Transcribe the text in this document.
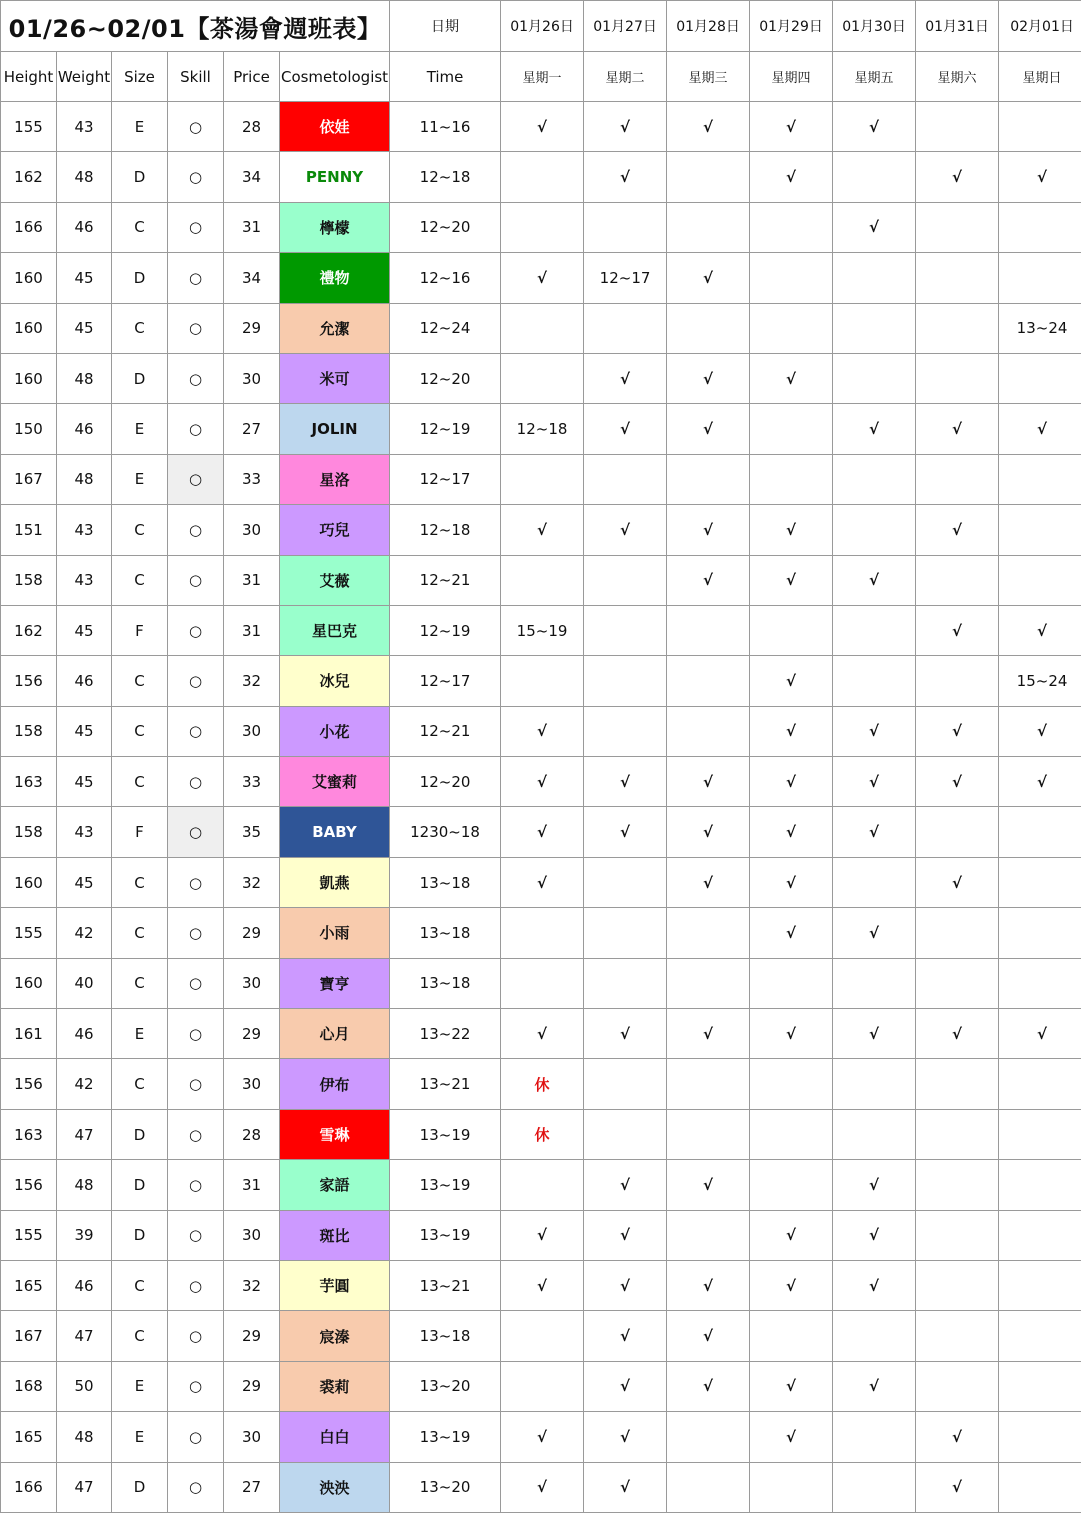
01/26~02/01【茶湯會週班表】						日期	01月26日	01月27日	01月28日	01月29日	01月30日	01月31日	02月01日
Height	Weight	Size	Skill	Price	Cosmetologist	Time	星期一	星期二	星期三	星期四	星期五	星期六	星期日
155	43	E	○	28	依娃	11~16	√	√	√	√	√		
162	48	D	○	34	PENNY	12~18		√		√		√	√
166	46	C	○	31	檸檬	12~20					√		
160	45	D	○	34	禮物	12~16	√	12~17	√				
160	45	C	○	29	允潔	12~24							13~24
160	48	D	○	30	米可	12~20		√	√	√			
150	46	E	○	27	JOLIN	12~19	12~18	√	√		√	√	√
167	48	E	○	33	星洛	12~17							
151	43	C	○	30	巧兒	12~18	√	√	√	√		√	
158	43	C	○	31	艾薇	12~21			√	√	√		
162	45	F	○	31	星巴克	12~19	15~19					√	√
156	46	C	○	32	冰兒	12~17				√			15~24
158	45	C	○	30	小花	12~21	√			√	√	√	√
163	45	C	○	33	艾蜜莉	12~20	√	√	√	√	√	√	√
158	43	F	○	35	BABY	1230~18	√	√	√	√	√		
160	45	C	○	32	凱燕	13~18	√		√	√		√	
155	42	C	○	29	小雨	13~18				√	√		
160	40	C	○	30	寶亨	13~18							
161	46	E	○	29	心月	13~22	√	√	√	√	√	√	√
156	42	C	○	30	伊布	13~21	休						
163	47	D	○	28	雪琳	13~19	休						
156	48	D	○	31	家語	13~19		√	√		√		
155	39	D	○	30	斑比	13~19	√	√		√	√		
165	46	C	○	32	芋圓	13~21	√	√	√	√	√		
167	47	C	○	29	宸溱	13~18		√	√				
168	50	E	○	29	裘莉	13~20		√	√	√	√		
165	48	E	○	30	白白	13~19	√	√		√		√	
166	47	D	○	27	泱泱	13~20	√	√				√	
